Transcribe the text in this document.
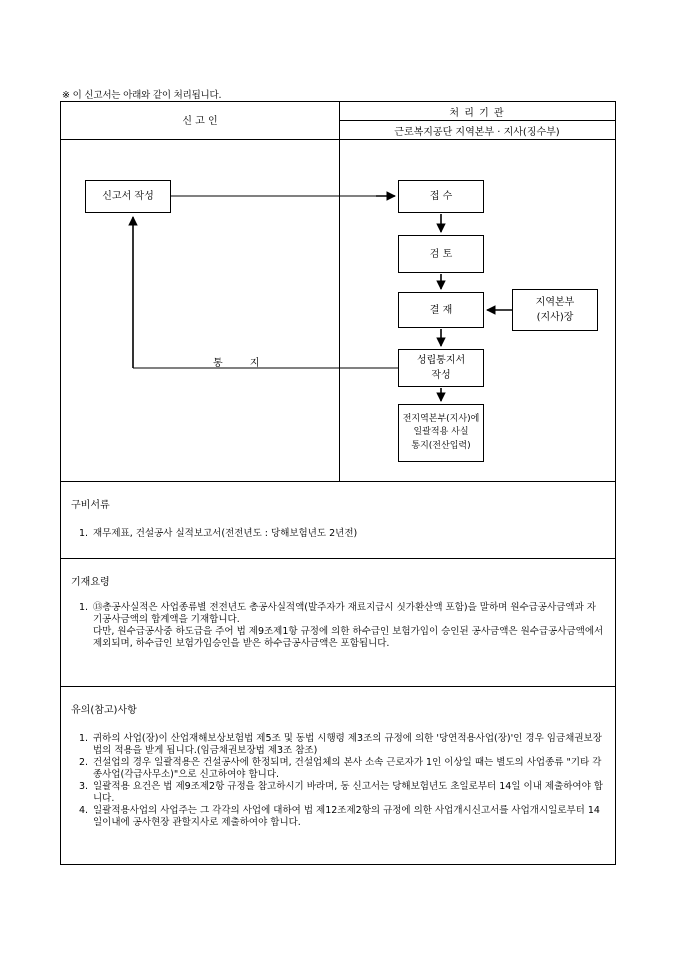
※ 이 신고서는 아래와 같이 처리됩니다.
신 고 인
처 리 기 관
근로복지공단 지역본부 · 지사(징수부)
신고서 작성	접 수
검 토
결 재
지역본부
(지사)장
성립통지서
작성
전지역본부(지사)에
일괄적용 사실
통지(전산입력)
통 지
구비서류
1. 재무제표, 건설공사 실적보고서(전전년도 : 당해보험년도 2년전)
기재요령
1. ⑬총공사실적은 사업종류별 전전년도 총공사실적액(발주자가 재료지급시 싯가환산액 포함)을 말하며 원수급공사금액과 자기공사금액의 합계액을 기재합니다.
다만, 원수급공사중 하도급을 주어 법 제9조제1항 규정에 의한 하수급인 보험가입이 승인된 공사금액은 원수급공사금액에서 제외되며, 하수급인 보험가입승인을 받은 하수급공사금액은 포함됩니다.
유의(참고)사항
1. 귀하의 사업(장)이 산업재해보상보험법 제5조 및 동법 시행령 제3조의 규정에 의한 '당연적용사업(장)'인 경우 임금채권보장법의 적용을 받게 됩니다.(임금채권보장법 제3조 참조)
2. 건설업의 경우 일괄적용은 건설공사에 한정되며, 건설업체의 본사 소속 근로자가 1인 이상일 때는 별도의 사업종류 "기타 각종사업(각급사무소)"으로 신고하여야 합니다.
3. 일괄적용 요건은 법 제9조제2항 규정을 참고하시기 바라며, 동 신고서는 당해보험년도 초일로부터 14일 이내 제출하여야 합니다.
4. 일괄적용사업의 사업주는 그 각각의 사업에 대하여 법 제12조제2항의 규정에 의한 사업개시신고서를 사업개시일로부터 14일이내에 공사현장 관할지사로 제출하여야 합니다.
